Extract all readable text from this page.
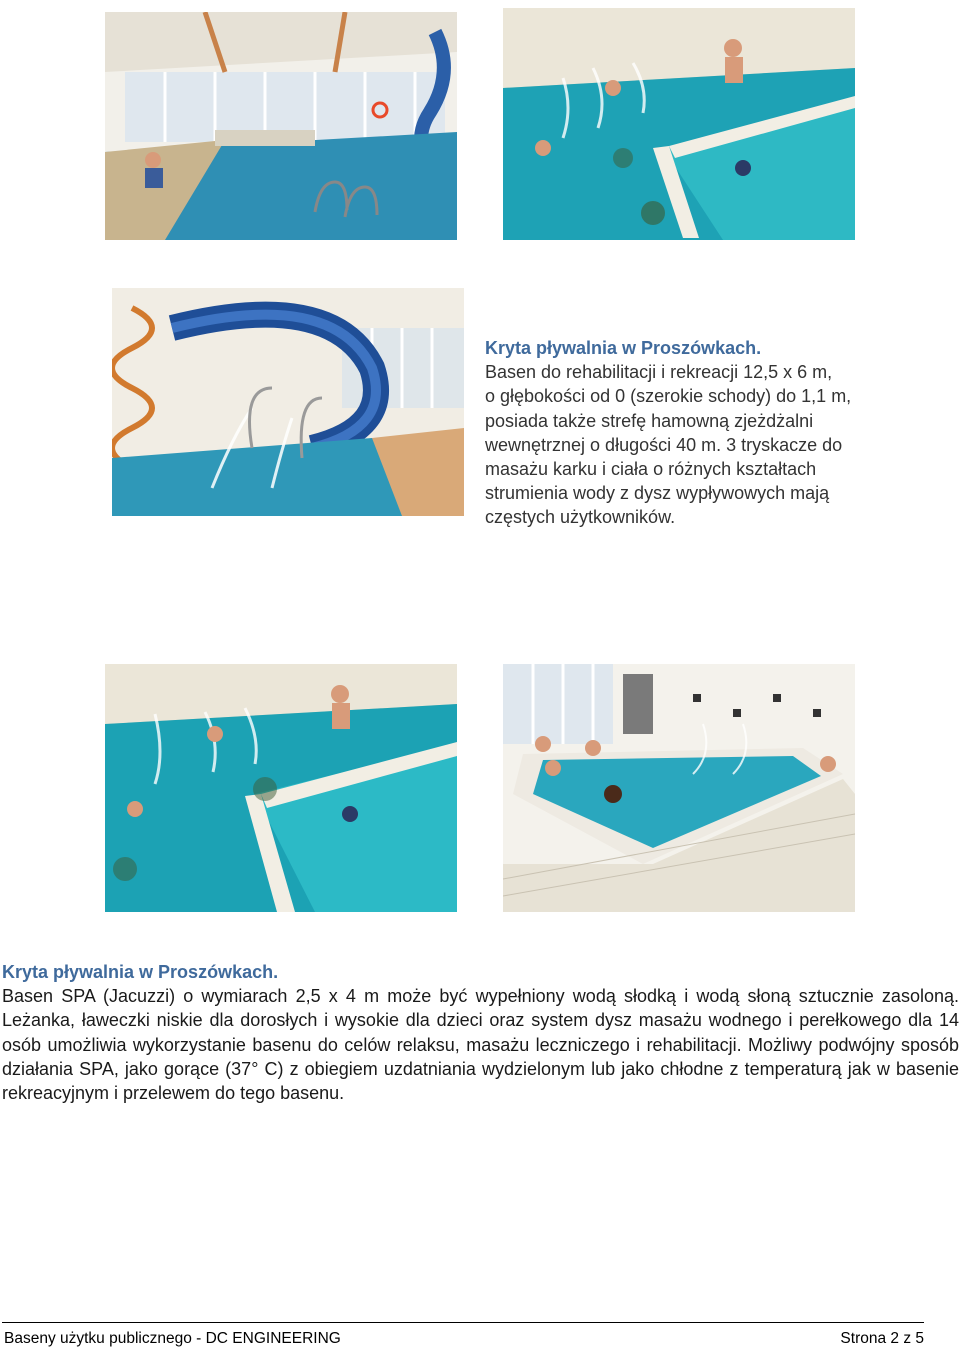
Kryta pływalnia w Proszówkach.
Basen do rehabilitacji i rekreacji 12,5 x 6 m,
o głębokości od 0 (szerokie schody) do 1,1 m,
posiada także strefę hamowną zjeżdżalni
wewnętrznej o długości 40 m. 3 tryskacze do
masażu karku i ciała o różnych kształtach
strumienia wody z dysz wypływowych mają
częstych użytkowników.
Kryta pływalnia w Proszówkach.
Basen SPA (Jacuzzi) o wymiarach 2,5 x 4 m może być wypełniony wodą słodką i wodą słoną sztucznie zasoloną. Leżanka, ławeczki niskie dla dorosłych i wysokie dla dzieci oraz system dysz masażu wodnego i perełkowego dla 14 osób umożliwia wykorzystanie basenu do celów relaksu, masażu leczniczego i rehabilitacji. Możliwy podwójny sposób działania SPA, jako gorące (37° C) z obiegiem uzdatniania wydzielonym lub jako chłodne z temperaturą jak w basenie rekreacyjnym i przelewem do tego basenu.
Baseny użytku publicznego - DC ENGINEERING	Strona 2 z 5
